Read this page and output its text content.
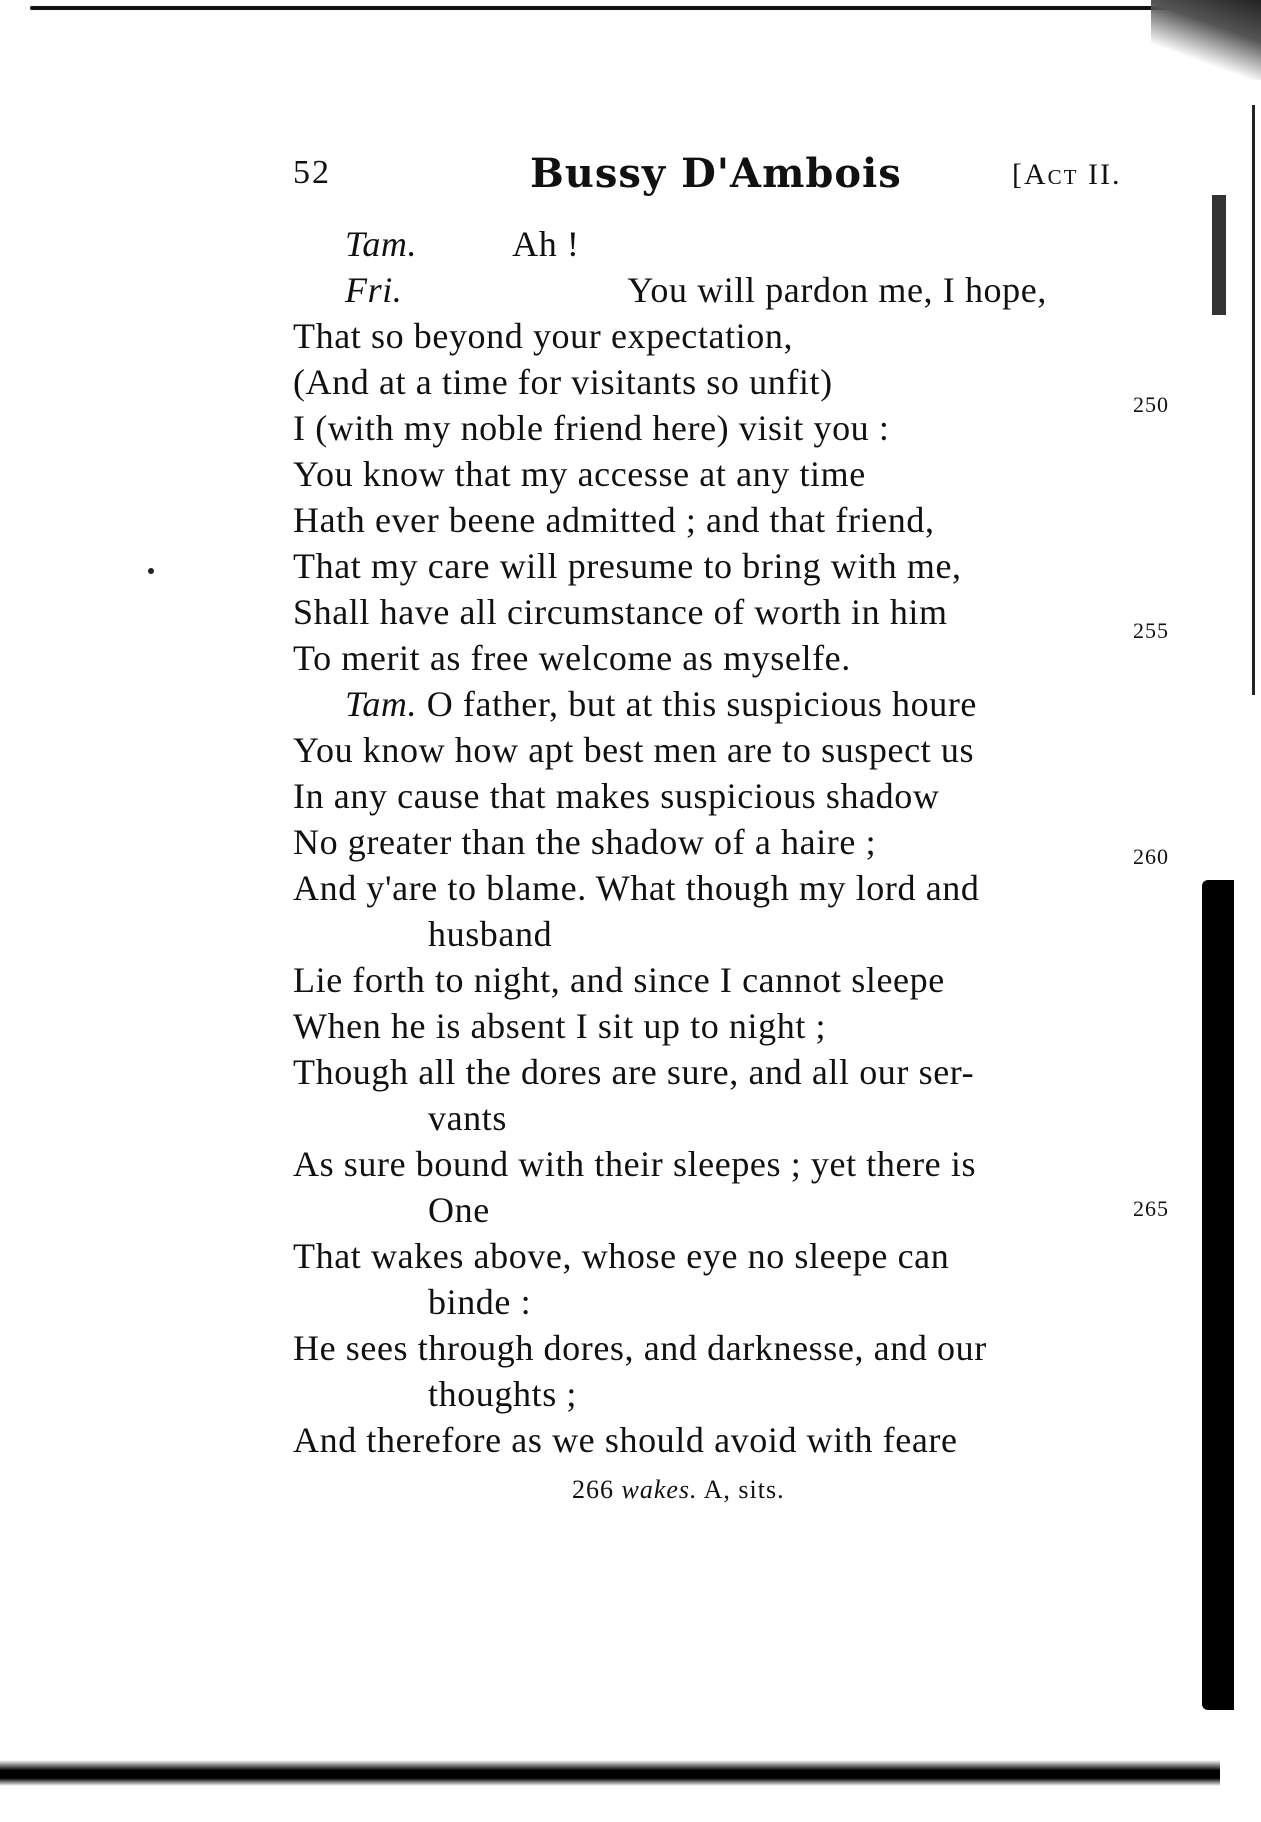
52	Bussy D'Ambois	[Act II.
Tam.	Ah !
Fri.	You will pardon me, I hope,
That so beyond your expectation,
(And at a time for visitants so unfit)
I (with my noble friend here) visit you :
You know that my accesse at any time
Hath ever beene admitted ; and that friend,
That my care will presume to bring with me,
Shall have all circumstance of worth in him
To merit as free welcome as myselfe.
Tam. O father, but at this suspicious houre
You know how apt best men are to suspect us
In any cause that makes suspicious shadow
No greater than the shadow of a haire ;
And y'are to blame. What though my lord and
husband
Lie forth to night, and since I cannot sleepe
When he is absent I sit up to night ;
Though all the dores are sure, and all our ser-
vants
As sure bound with their sleepes ; yet there is
One
That wakes above, whose eye no sleepe can
binde :
He sees through dores, and darknesse, and our
thoughts ;
And therefore as we should avoid with feare
250
255
260
265
266 wakes. A, sits.
